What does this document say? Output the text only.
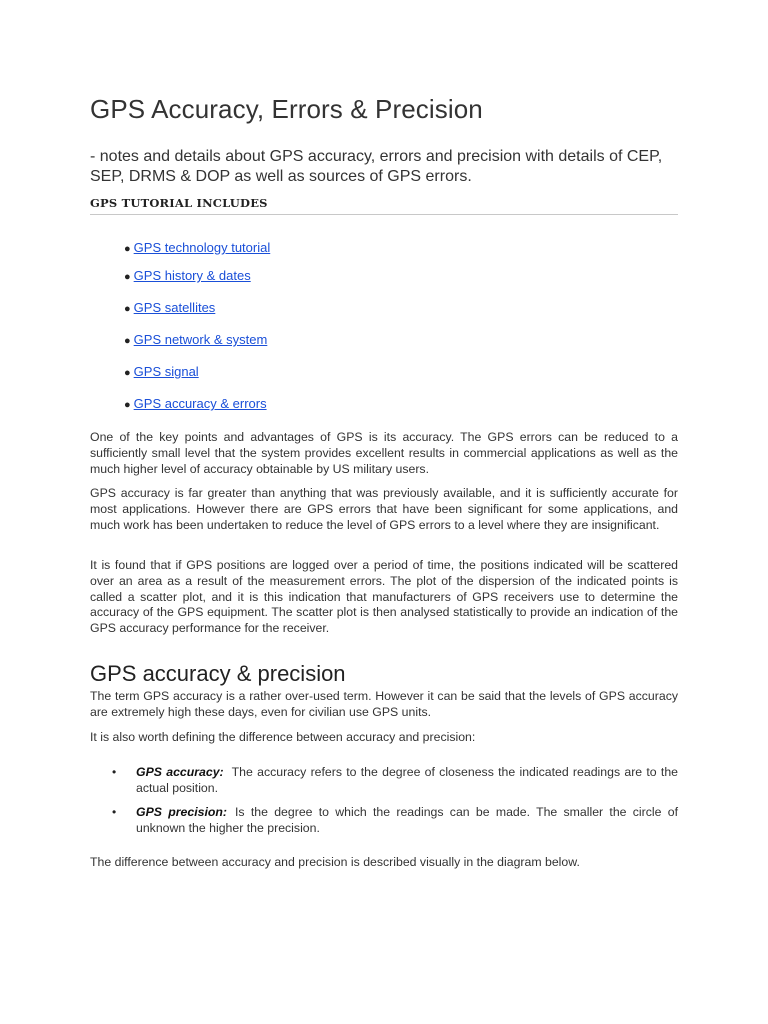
GPS Accuracy, Errors & Precision

- notes and details about GPS accuracy, errors and precision with details of CEP, SEP, DRMS & DOP as well as sources of GPS errors.

GPS TUTORIAL INCLUDES
● GPS technology tutorial
● GPS history & dates
● GPS satellites
● GPS network & system
● GPS signal
● GPS accuracy & errors

One of the key points and advantages of GPS is its accuracy. The GPS errors can be reduced to a sufficiently small level that the system provides excellent results in commercial applications as well as the much higher level of accuracy obtainable by US military users.

GPS accuracy is far greater than anything that was previously available, and it is sufficiently accurate for most applications. However there are GPS errors that have been significant for some applications, and much work has been undertaken to reduce the level of GPS errors to a level where they are insignificant.

It is found that if GPS positions are logged over a period of time, the positions indicated will be scattered over an area as a result of the measurement errors. The plot of the dispersion of the indicated points is called a scatter plot, and it is this indication that manufacturers of GPS receivers use to determine the accuracy of the GPS equipment. The scatter plot is then analysed statistically to provide an indication of the GPS accuracy performance for the receiver.

GPS accuracy & precision

The term GPS accuracy is a rather over-used term. However it can be said that the levels of GPS accuracy are extremely high these days, even for civilian use GPS units.

It is also worth defining the difference between accuracy and precision:

• GPS accuracy: The accuracy refers to the degree of closeness the indicated readings are to the actual position.
• GPS precision: Is the degree to which the readings can be made. The smaller the circle of unknown the higher the precision.

The difference between accuracy and precision is described visually in the diagram below.
